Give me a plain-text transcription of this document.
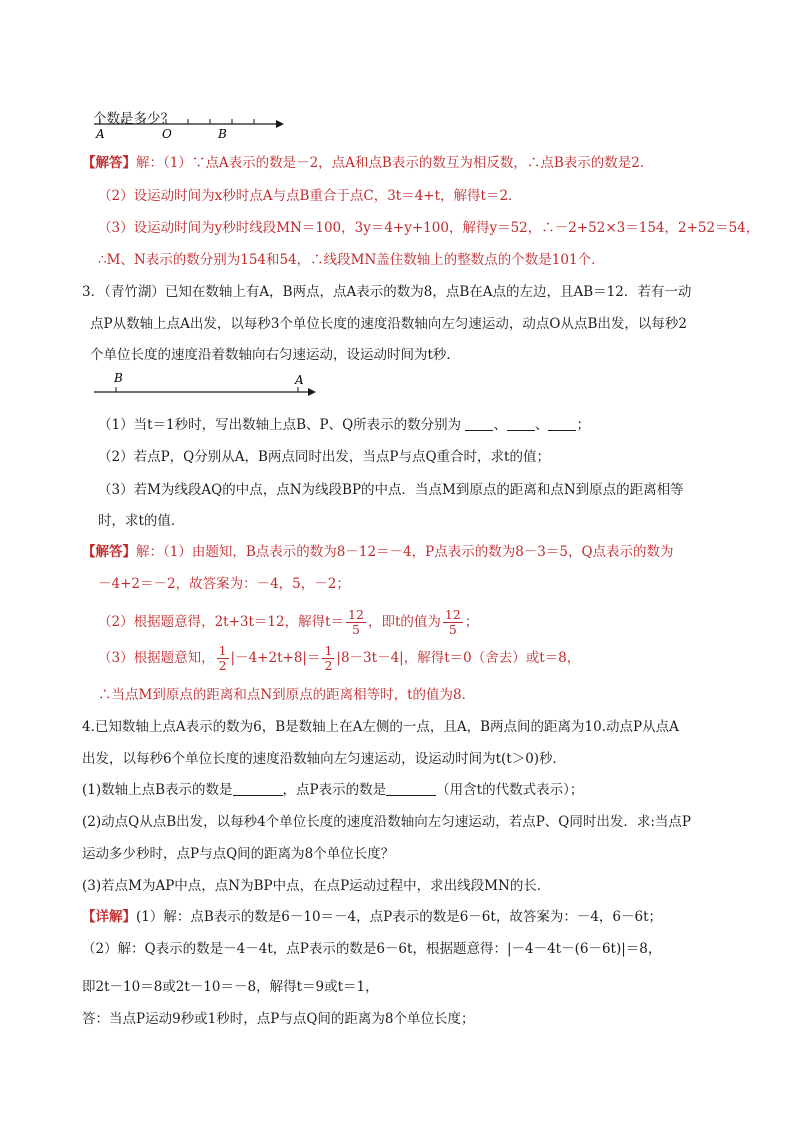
个数是多少？
A	O	B
【解答】解：（1）∵点A表示的数是－2，点A和点B表示的数互为相反数，∴点B表示的数是2．
（2）设运动时间为x秒时点A与点B重合于点C，3t＝4+t，解得t＝2．
（3）设运动时间为y秒时线段MN＝100，3y＝4+y+100，解得y＝52，∴－2+52×3＝154，2+52＝54，
∴M、N表示的数分别为154和54，∴线段MN盖住数轴上的整数点的个数是101个．
3．（青竹湖）已知在数轴上有A，B两点，点A表示的数为8，点B在A点的左边，且AB＝12．若有一动
点P从数轴上点A出发，以每秒3个单位长度的速度沿数轴向左匀速运动，动点O从点B出发，以每秒2
个单位长度的速度沿着数轴向右匀速运动，设运动时间为t秒．
B	A
（1）当t＝1秒时，写出数轴上点B、P、Q所表示的数分别为 、 、 ；
（2）若点P，Q分别从A，B两点同时出发，当点P与点Q重合时，求t的值；
（3）若M为线段AQ的中点，点N为线段BP的中点．当点M到原点的距离和点N到原点的距离相等
时，求t的值．
【解答】解：（1）由题知，B点表示的数为8－12＝－4，P点表示的数为8－3＝5，Q点表示的数为
－4+2＝－2，故答案为：－4，5，－2；
（2）根据题意得，2t+3t＝12，解得$t= \frac{12}{5}$ ，即t的值为 $\frac{12}{5}$ ；
（3）根据题意知， $\frac{1}{2} |-4+2t+8|= \frac{1}{2} |8-3t-4|$，解得t＝0（舍去）或t＝8，
∴当点M到原点的距离和点N到原点的距离相等时，t的值为8．
4.已知数轴上点A表示的数为6，B是数轴上在A左侧的一点，且A，B两点间的距离为10.动点P从点A
出发，以每秒6个单位长度的速度沿数轴向左匀速运动，设运动时间为t(t＞0)秒．
(1)数轴上点B表示的数是	，点P表示的数是	（用含t的代数式表示）；
(2)动点Q从点B出发，以每秒4个单位长度的速度沿数轴向左匀速运动，若点P、Q同时出发．求:当点P
运动多少秒时，点P与点Q间的距离为8个单位长度？
(3)若点M为AP中点，点N为BP中点，在点P运动过程中，求出线段MN的长．
【详解】(1）解：点B表示的数是6－10＝－4，点P表示的数是6－6t，故答案为：－4，6－6t；
（2）解：Q表示的数是－4－4t，点P表示的数是6－6t，根据题意得：|－4－4t－(6－6t)|＝8，
即2t－10＝8或2t－10＝－8，解得t＝9或t＝1，
答：当点P运动9秒或1秒时，点P与点Q间的距离为8个单位长度；
